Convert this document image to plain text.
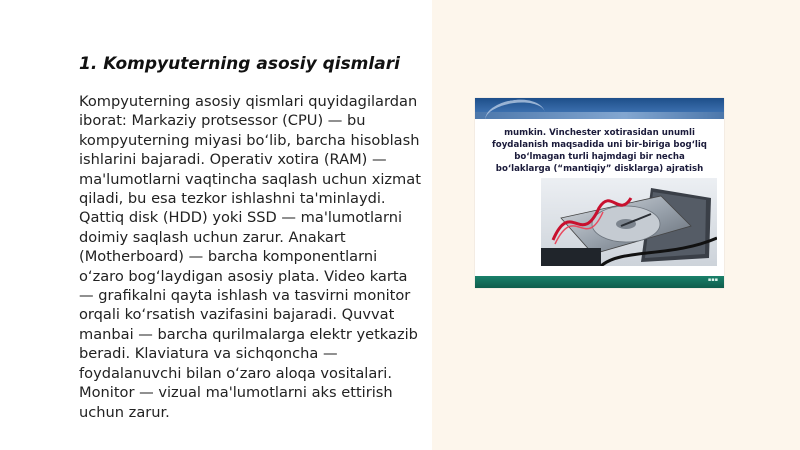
1. Kompyuterning asosiy qismlari

Kompyuterning asosiy qismlari quyidagilardan iborat: Markaziy protsessor (CPU) — bu kompyuterning miyasi bo‘lib, barcha hisoblash ishlarini bajaradi. Operativ xotira (RAM) — ma'lumotlarni vaqtincha saqlash uchun xizmat qiladi, bu esa tezkor ishlashni ta'minlaydi. Qattiq disk (HDD) yoki SSD — ma'lumotlarni doimiy saqlash uchun zarur. Anakart (Motherboard) — barcha komponentlarni o‘zaro bog‘laydigan asosiy plata. Video karta — grafikalni qayta ishlash va tasvirni monitor orqali ko‘rsatish vazifasini bajaradi. Quvvat manbai — barcha qurilmalarga elektr yetkazib beradi. Klaviatura va sichqoncha — foydalanuvchi bilan o‘zaro aloqa vositalari. Monitor — vizual ma'lumotlarni aks ettirish uchun zarur.

mumkin. Vinchester xotirasidan unumli
foydalanish maqsadida uni bir-biriga bog‘liq
bo‘lmagan turli hajmdagi bir necha
bo‘laklarga (“mantiqiy” disklarga) ajratish

▪▪▪
